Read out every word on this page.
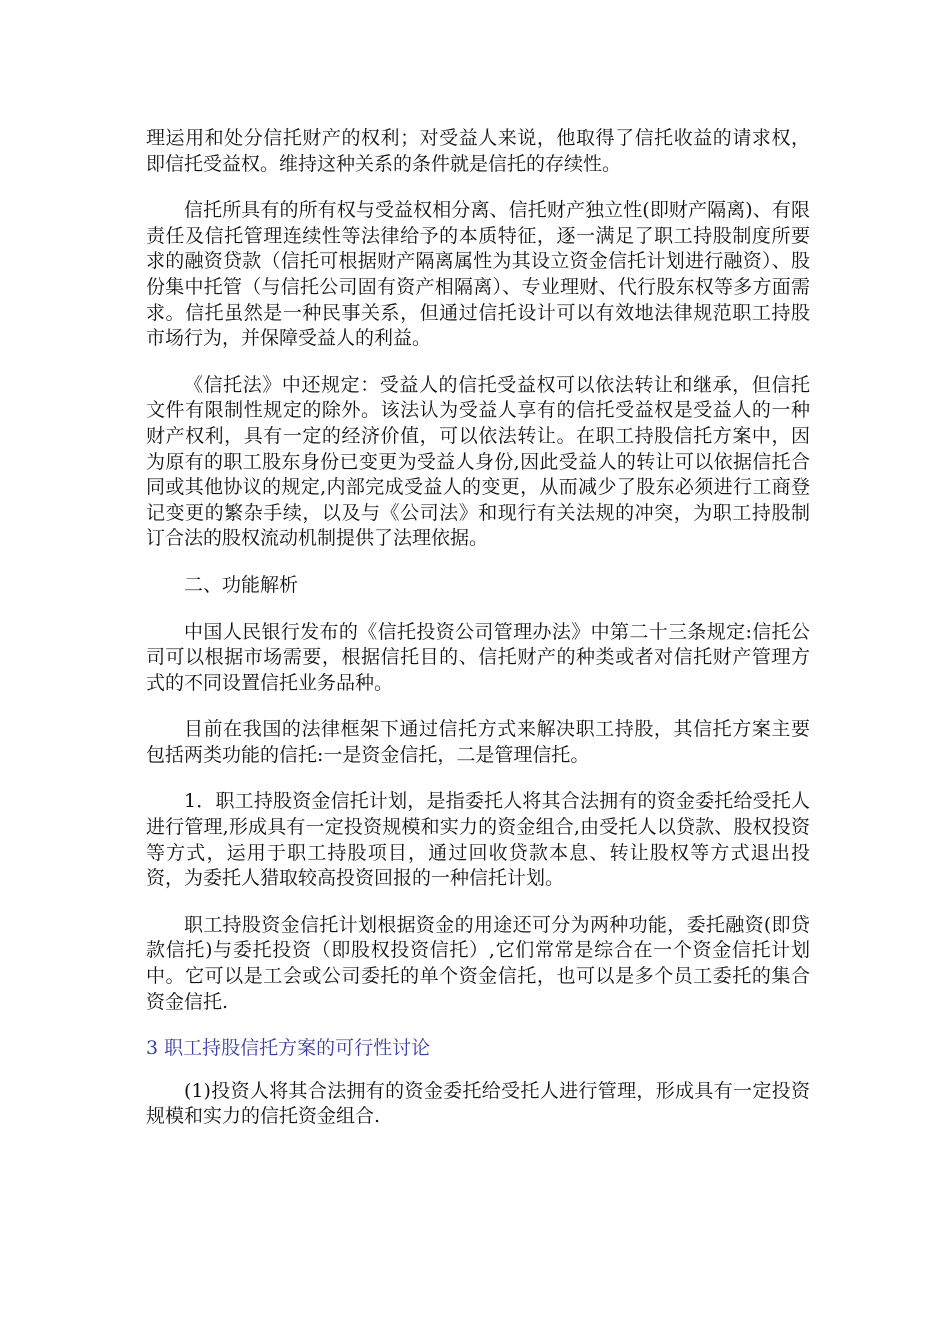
理运用和处分信托财产的权利；对受益人来说，他取得了信托收益的请求权，即信托受益权。维持这种关系的条件就是信托的存续性。

信托所具有的所有权与受益权相分离、信托财产独立性(即财产隔离)、有限责任及信托管理连续性等法律给予的本质特征，逐一满足了职工持股制度所要求的融资贷款（信托可根据财产隔离属性为其设立资金信托计划进行融资）、股份集中托管（与信托公司固有资产相隔离）、专业理财、代行股东权等多方面需求。信托虽然是一种民事关系，但通过信托设计可以有效地法律规范职工持股市场行为，并保障受益人的利益。

《信托法》中还规定：受益人的信托受益权可以依法转让和继承，但信托文件有限制性规定的除外。该法认为受益人享有的信托受益权是受益人的一种财产权利，具有一定的经济价值，可以依法转让。在职工持股信托方案中，因为原有的职工股东身份已变更为受益人身份,因此受益人的转让可以依据信托合同或其他协议的规定,内部完成受益人的变更，从而减少了股东必须进行工商登记变更的繁杂手续，以及与《公司法》和现行有关法规的冲突，为职工持股制订合法的股权流动机制提供了法理依据。

二、功能解析

中国人民银行发布的《信托投资公司管理办法》中第二十三条规定:信托公司可以根据市场需要，根据信托目的、信托财产的种类或者对信托财产管理方式的不同设置信托业务品种。

目前在我国的法律框架下通过信托方式来解决职工持股，其信托方案主要包括两类功能的信托:一是资金信托，二是管理信托。

1．职工持股资金信托计划，是指委托人将其合法拥有的资金委托给受托人进行管理,形成具有一定投资规模和实力的资金组合,由受托人以贷款、股权投资等方式，运用于职工持股项目，通过回收贷款本息、转让股权等方式退出投资，为委托人猎取较高投资回报的一种信托计划。

职工持股资金信托计划根据资金的用途还可分为两种功能，委托融资(即贷款信托)与委托投资（即股权投资信托）,它们常常是综合在一个资金信托计划中。它可以是工会或公司委托的单个资金信托，也可以是多个员工委托的集合资金信托.

3 职工持股信托方案的可行性讨论

(1)投资人将其合法拥有的资金委托给受托人进行管理，形成具有一定投资规模和实力的信托资金组合.
